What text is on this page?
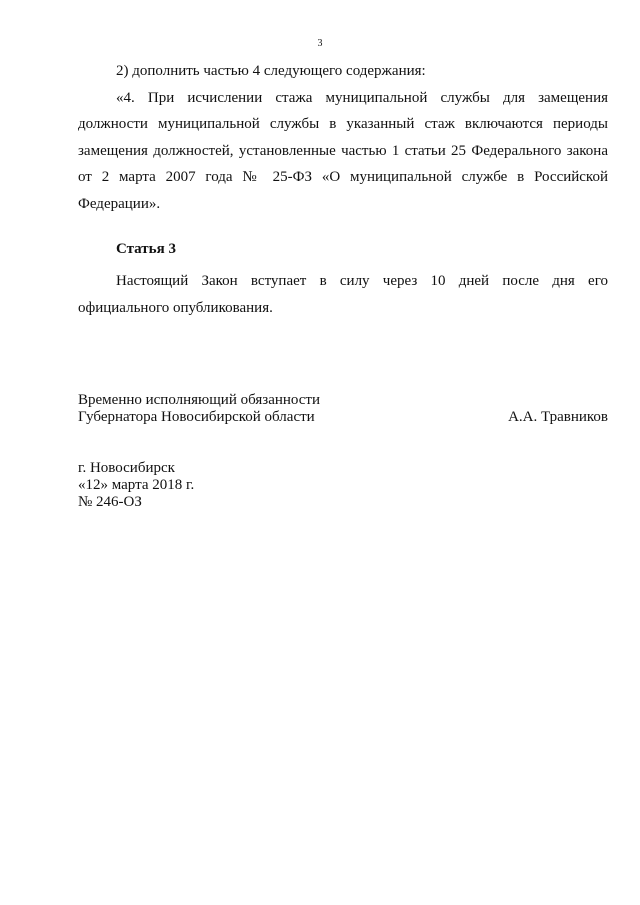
3

2) дополнить частью 4 следующего содержания:

«4. При исчислении стажа муниципальной службы для замещения должности муниципальной службы в указанный стаж включаются периоды замещения должностей, установленные частью 1 статьи 25 Федерального закона от 2 марта 2007 года № 25-ФЗ «О муниципальной службе в Российской Федерации».

Статья 3

Настоящий Закон вступает в силу через 10 дней после дня его официального опубликования.

Временно исполняющий обязанности
Губернатора Новосибирской области	А.А. Травников
г. Новосибирск
«12» марта 2018 г.
№ 246-ОЗ
